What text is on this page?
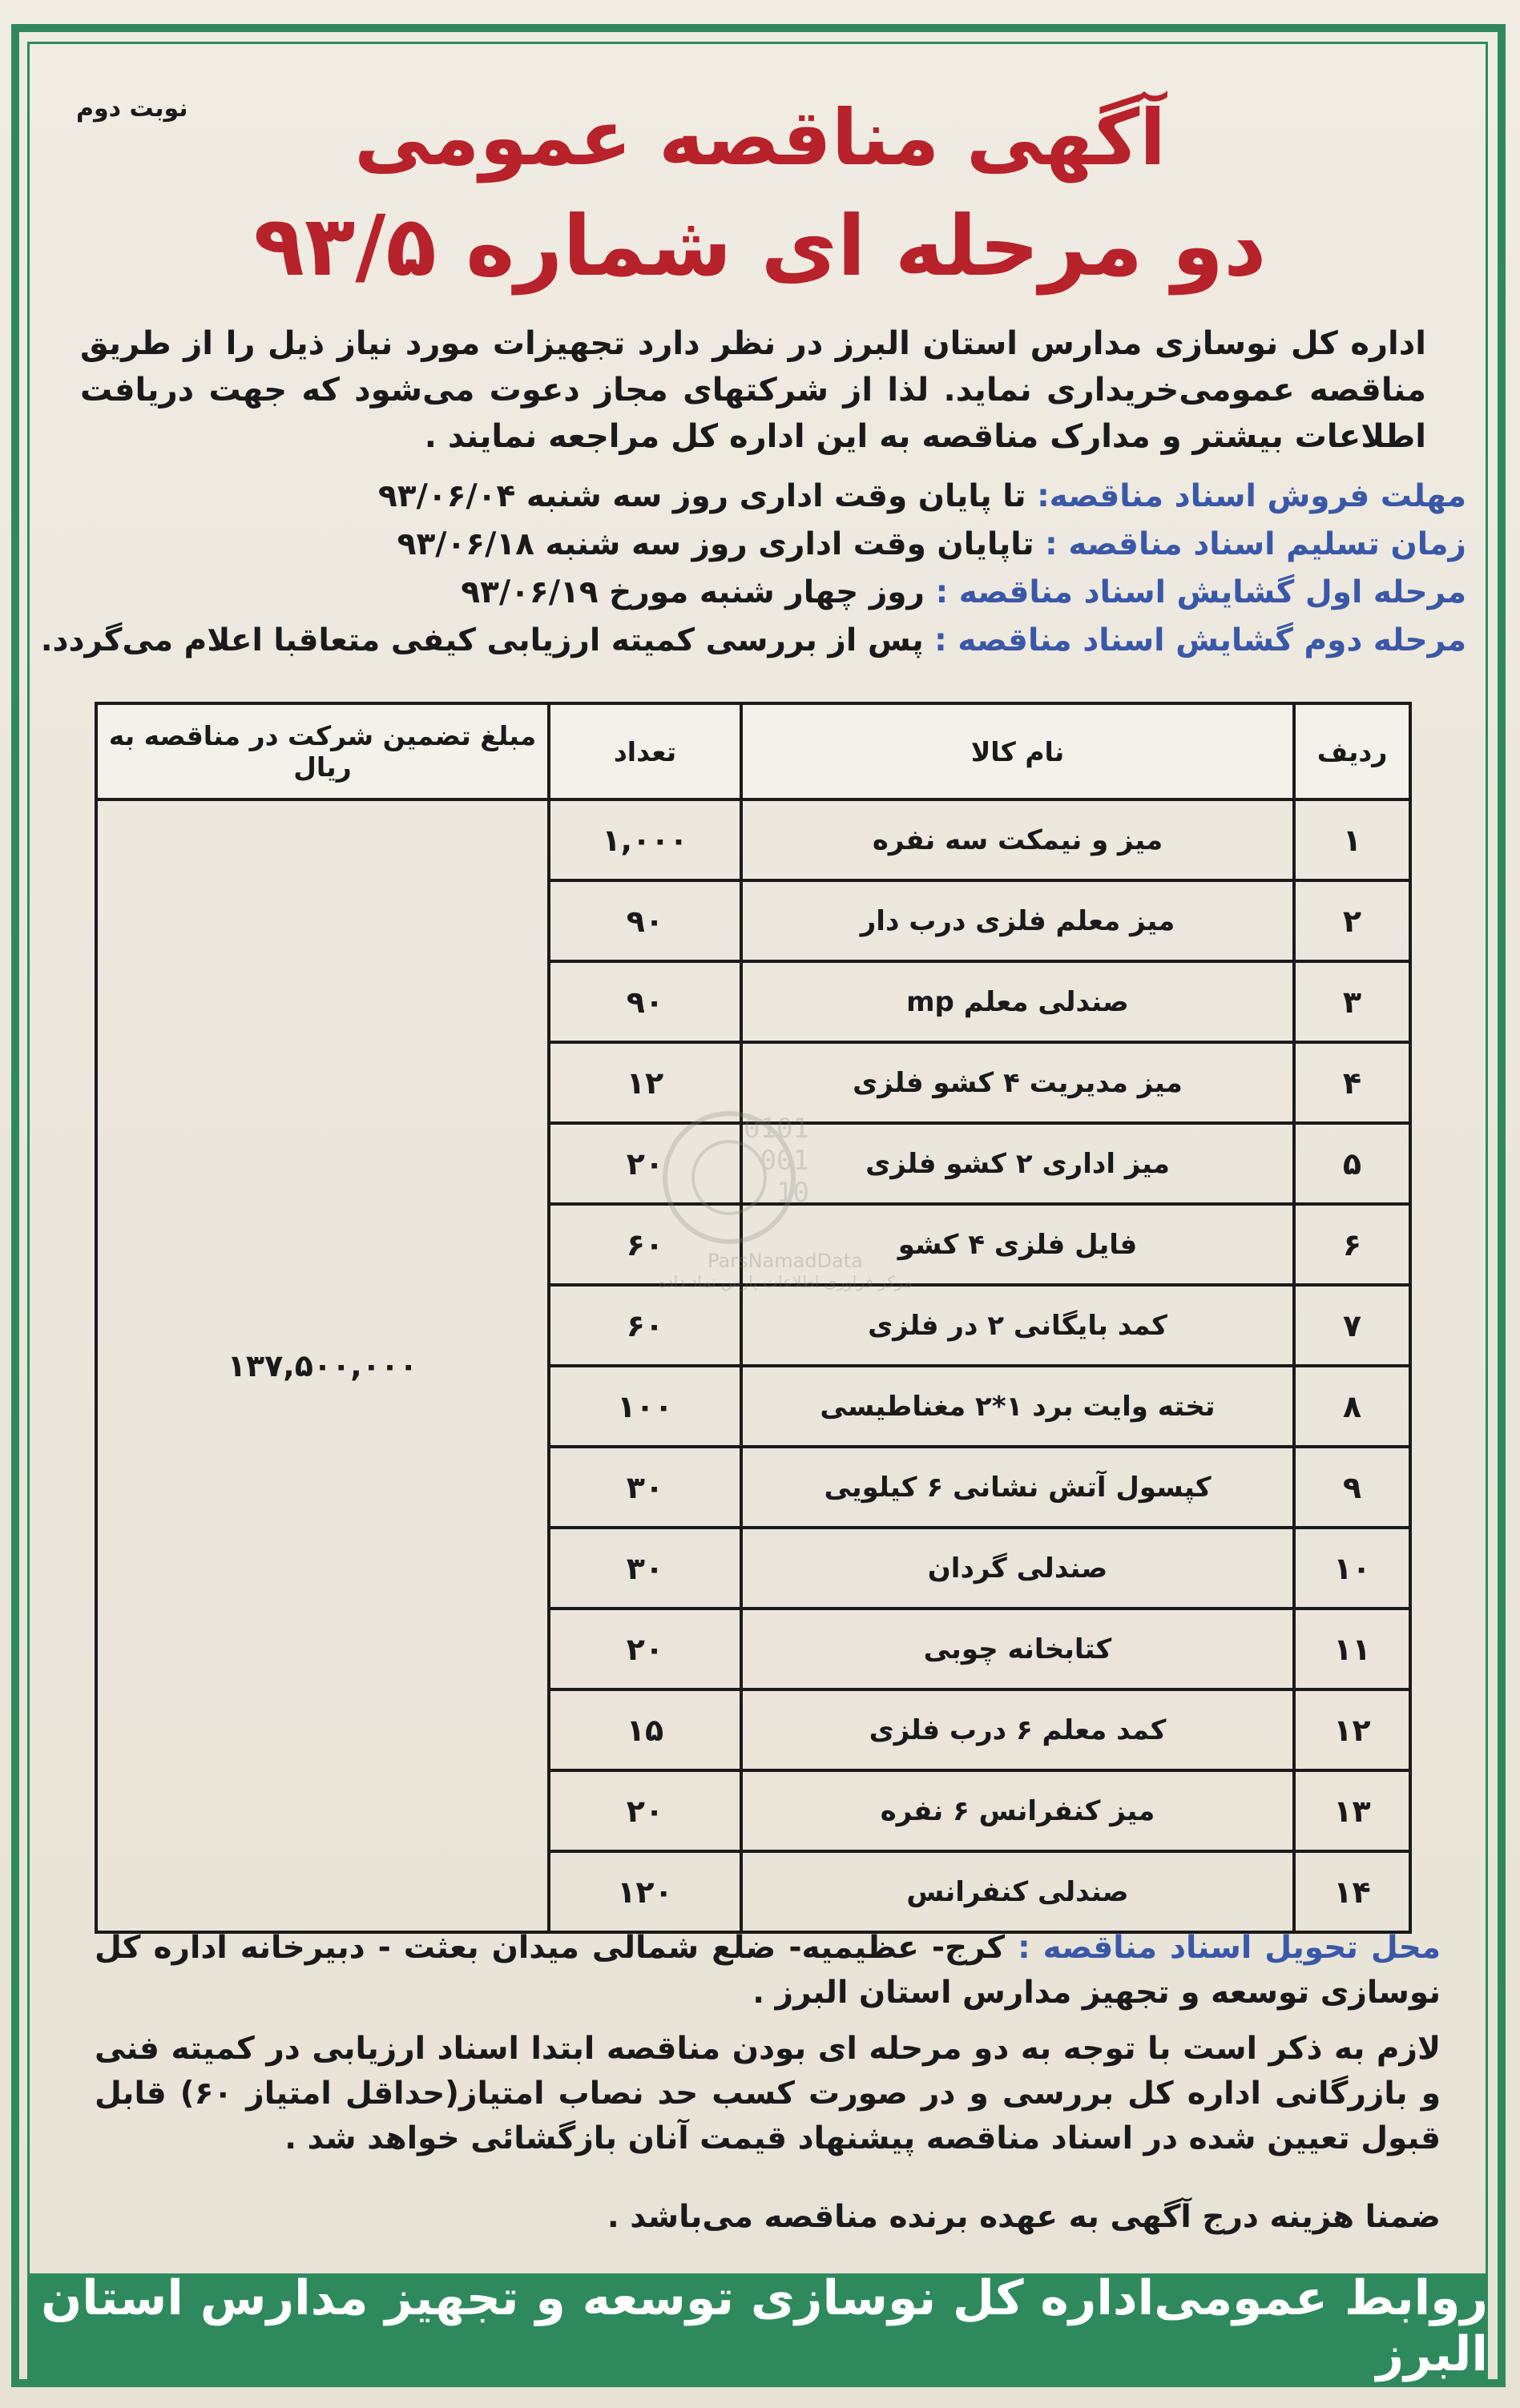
نوبت دوم	آگهی مناقصه عمومی
دو مرحله ای شماره ۹۳/۵
اداره کل نوسازی مدارس استان البرز در نظر دارد تجهیزات مورد نیاز ذیل را از طریق مناقصه عمومی‌خریداری نماید. لذا از شرکتهای مجاز دعوت می‌شود که جهت دریافت اطلاعات بیشتر و مدارک مناقصه به این اداره کل مراجعه نمایند .
مهلت فروش اسناد مناقصه: تا پایان وقت اداری روز سه شنبه ۹۳/۰۶/۰۴
زمان تسلیم اسناد مناقصه : تاپایان وقت اداری روز سه شنبه ۹۳/۰۶/۱۸
مرحله اول گشایش اسناد مناقصه : روز چهار شنبه مورخ ۹۳/۰۶/۱۹
مرحله دوم گشایش اسناد مناقصه : پس از بررسی کمیته ارزیابی کیفی متعاقبا اعلام می‌گردد.
ردیف	نام کالا	تعداد	مبلغ تضمین شرکت در مناقصه به ریال
۱	میز و نیمکت سه نفره	۱,۰۰۰	۱۳۷,۵۰۰,۰۰۰
۲	میز معلم فلزی درب دار	۹۰	
۳	صندلی معلم mp	۹۰	
۴	میز مدیریت ۴ کشو فلزی	۱۲	
۵	میز اداری ۲ کشو فلزی	۲۰	
۶	فایل فلزی ۴ کشو	۶۰	
۷	کمد بایگانی ۲ در فلزی	۶۰	
۸	تخته وایت برد ۱*۲ مغناطیسی	۱۰۰	
۹	کپسول آتش نشانی ۶ کیلویی	۳۰	
۱۰	صندلی گردان	۳۰	
۱۱	کتابخانه چوبی	۲۰	
۱۲	کمد معلم ۶ درب فلزی	۱۵	
۱۳	میز کنفرانس ۶ نفره	۲۰	
۱۴	صندلی کنفرانس	۱۲۰	
0101
001
10
ParsNamadData
مرکز فراوری اطلاعات پارس نماد داده
محل تحویل اسناد مناقصه : کرج- عظیمیه- ضلع شمالی میدان بعثت - دبیرخانه اداره کل نوسازی توسعه و تجهیز مدارس استان البرز .
لازم به ذکر است با توجه به دو مرحله ای بودن مناقصه ابتدا اسناد ارزیابی در کمیته فنی و بازرگانی اداره کل بررسی و در صورت کسب حد نصاب امتیاز(حداقل امتیاز ۶۰) قابل قبول تعیین شده در اسناد مناقصه پیشنهاد قیمت آنان بازگشائی خواهد شد .
ضمنا هزینه درج آگهی به عهده برنده مناقصه می‌باشد .
روابط عمومی‌اداره کل نوسازی توسعه و تجهیز مدارس استان البرز
